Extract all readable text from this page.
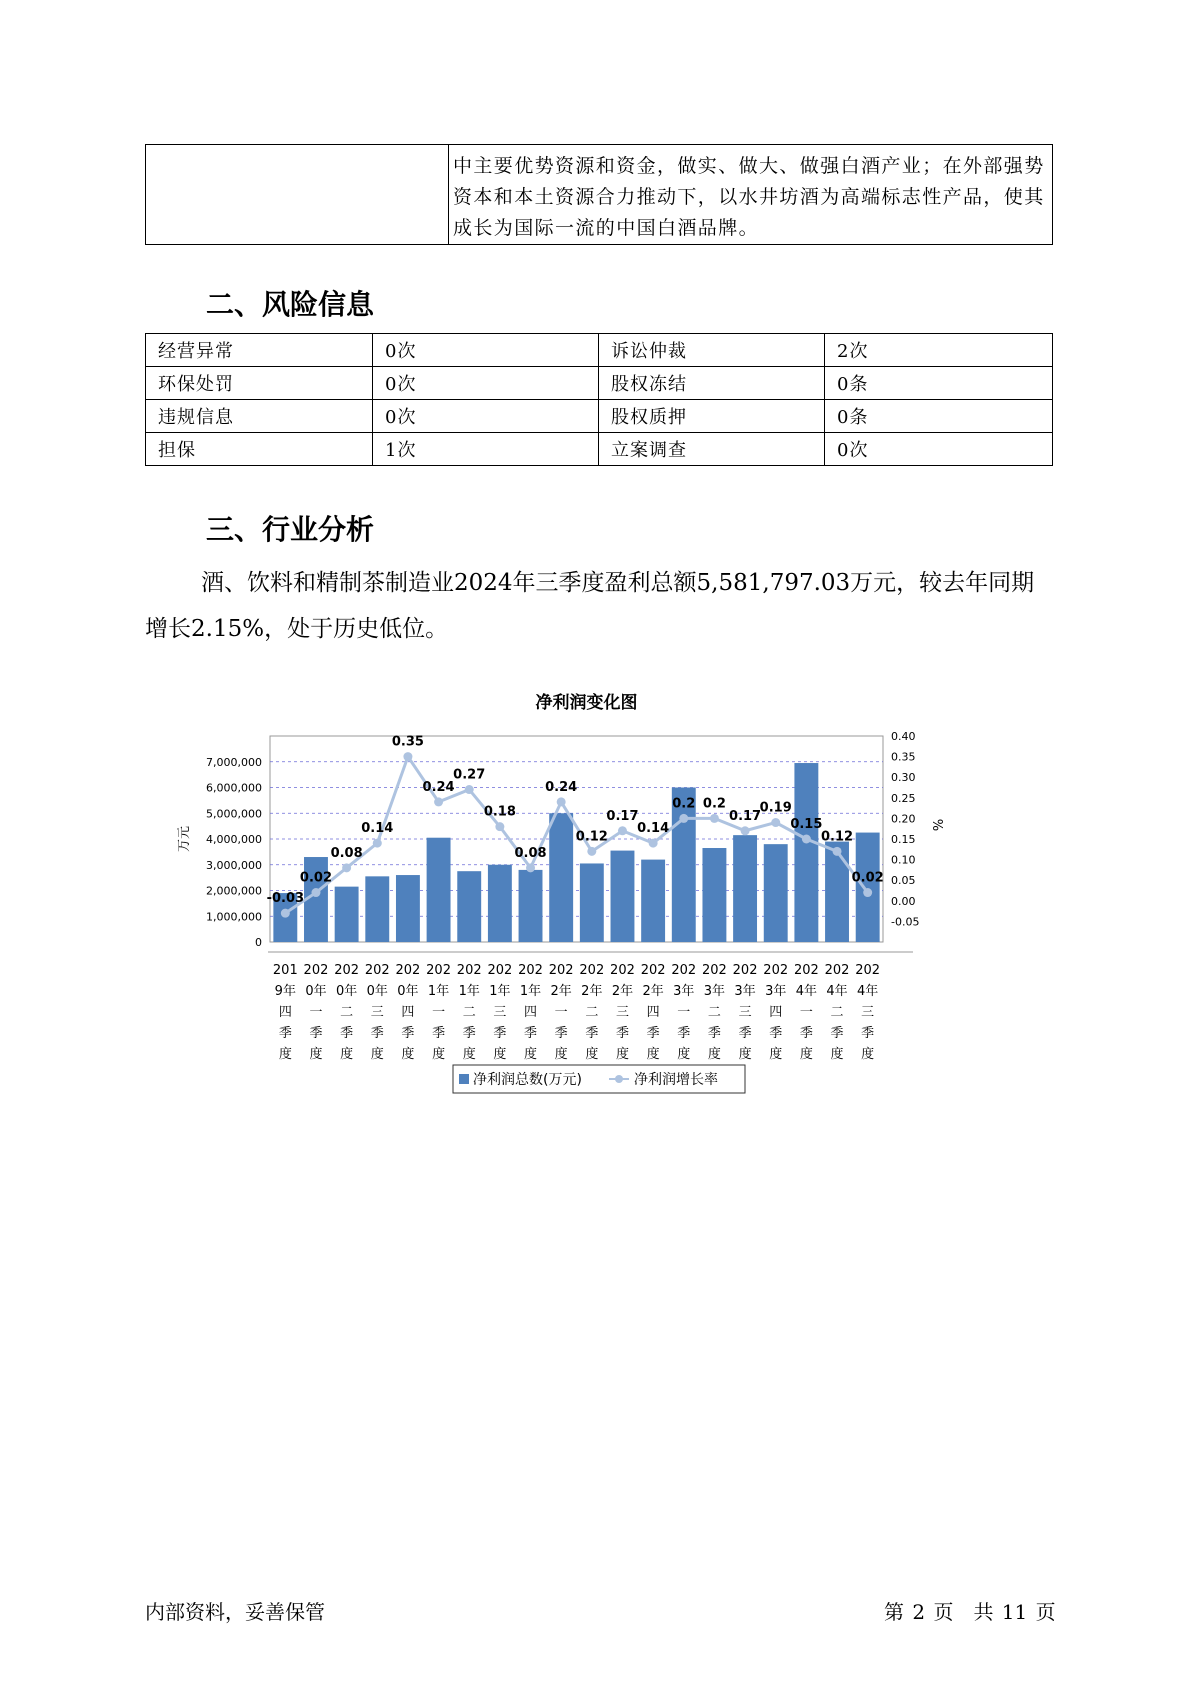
	中主要优势资源和资金，做实、做大、做强白酒产业；在外部强势资本和本土资源合力推动下，以水井坊酒为高端标志性产品，使其成长为国际一流的中国白酒品牌。
二、风险信息
经营异常	0次	诉讼仲裁	2次
环保处罚	0次	股权冻结	0条
违规信息	0次	股权质押	0条
担保	1次	立案调查	0次
三、行业分析

酒、饮料和精制茶制造业2024年三季度盈利总额5,581,797.03万元，较去年同期增长2.15%，处于历史低位。

净利润变化图
0
1,000,000
2,000,000
3,000,000
4,000,000
5,000,000
6,000,000
7,000,000
-0.05
0.00
0.05
0.10
0.15
0.20
0.25
0.30
0.35
0.40
万元
%
-0.03
0.02
0.08
0.14
0.35
0.24
0.27
0.18
0.08
0.24
0.12
0.17
0.14
0.2 0.2
0.17
0.19
0.15
0.12
0.02
201
9年
四
季
度
202
0年
一
季
度
202
0年
二
季
度
202
0年
三
季
度
202
0年
四
季
度
202
1年
一
季
度
202
1年
二
季
度
202
1年
三
季
度
202
1年
四
季
度
202
2年
一
季
度
202
2年
二
季
度
202
2年
三
季
度
202
2年
四
季
度
202
3年
一
季
度
202
3年
二
季
度
202
3年
三
季
度
202
3年
四
季
度
202
4年
一
季
度
202
4年
二
季
度
202
4年
三
季
度
净利润总数(万元)	净利润增长率
内部资料，妥善保管	第 2 页　共 11 页
